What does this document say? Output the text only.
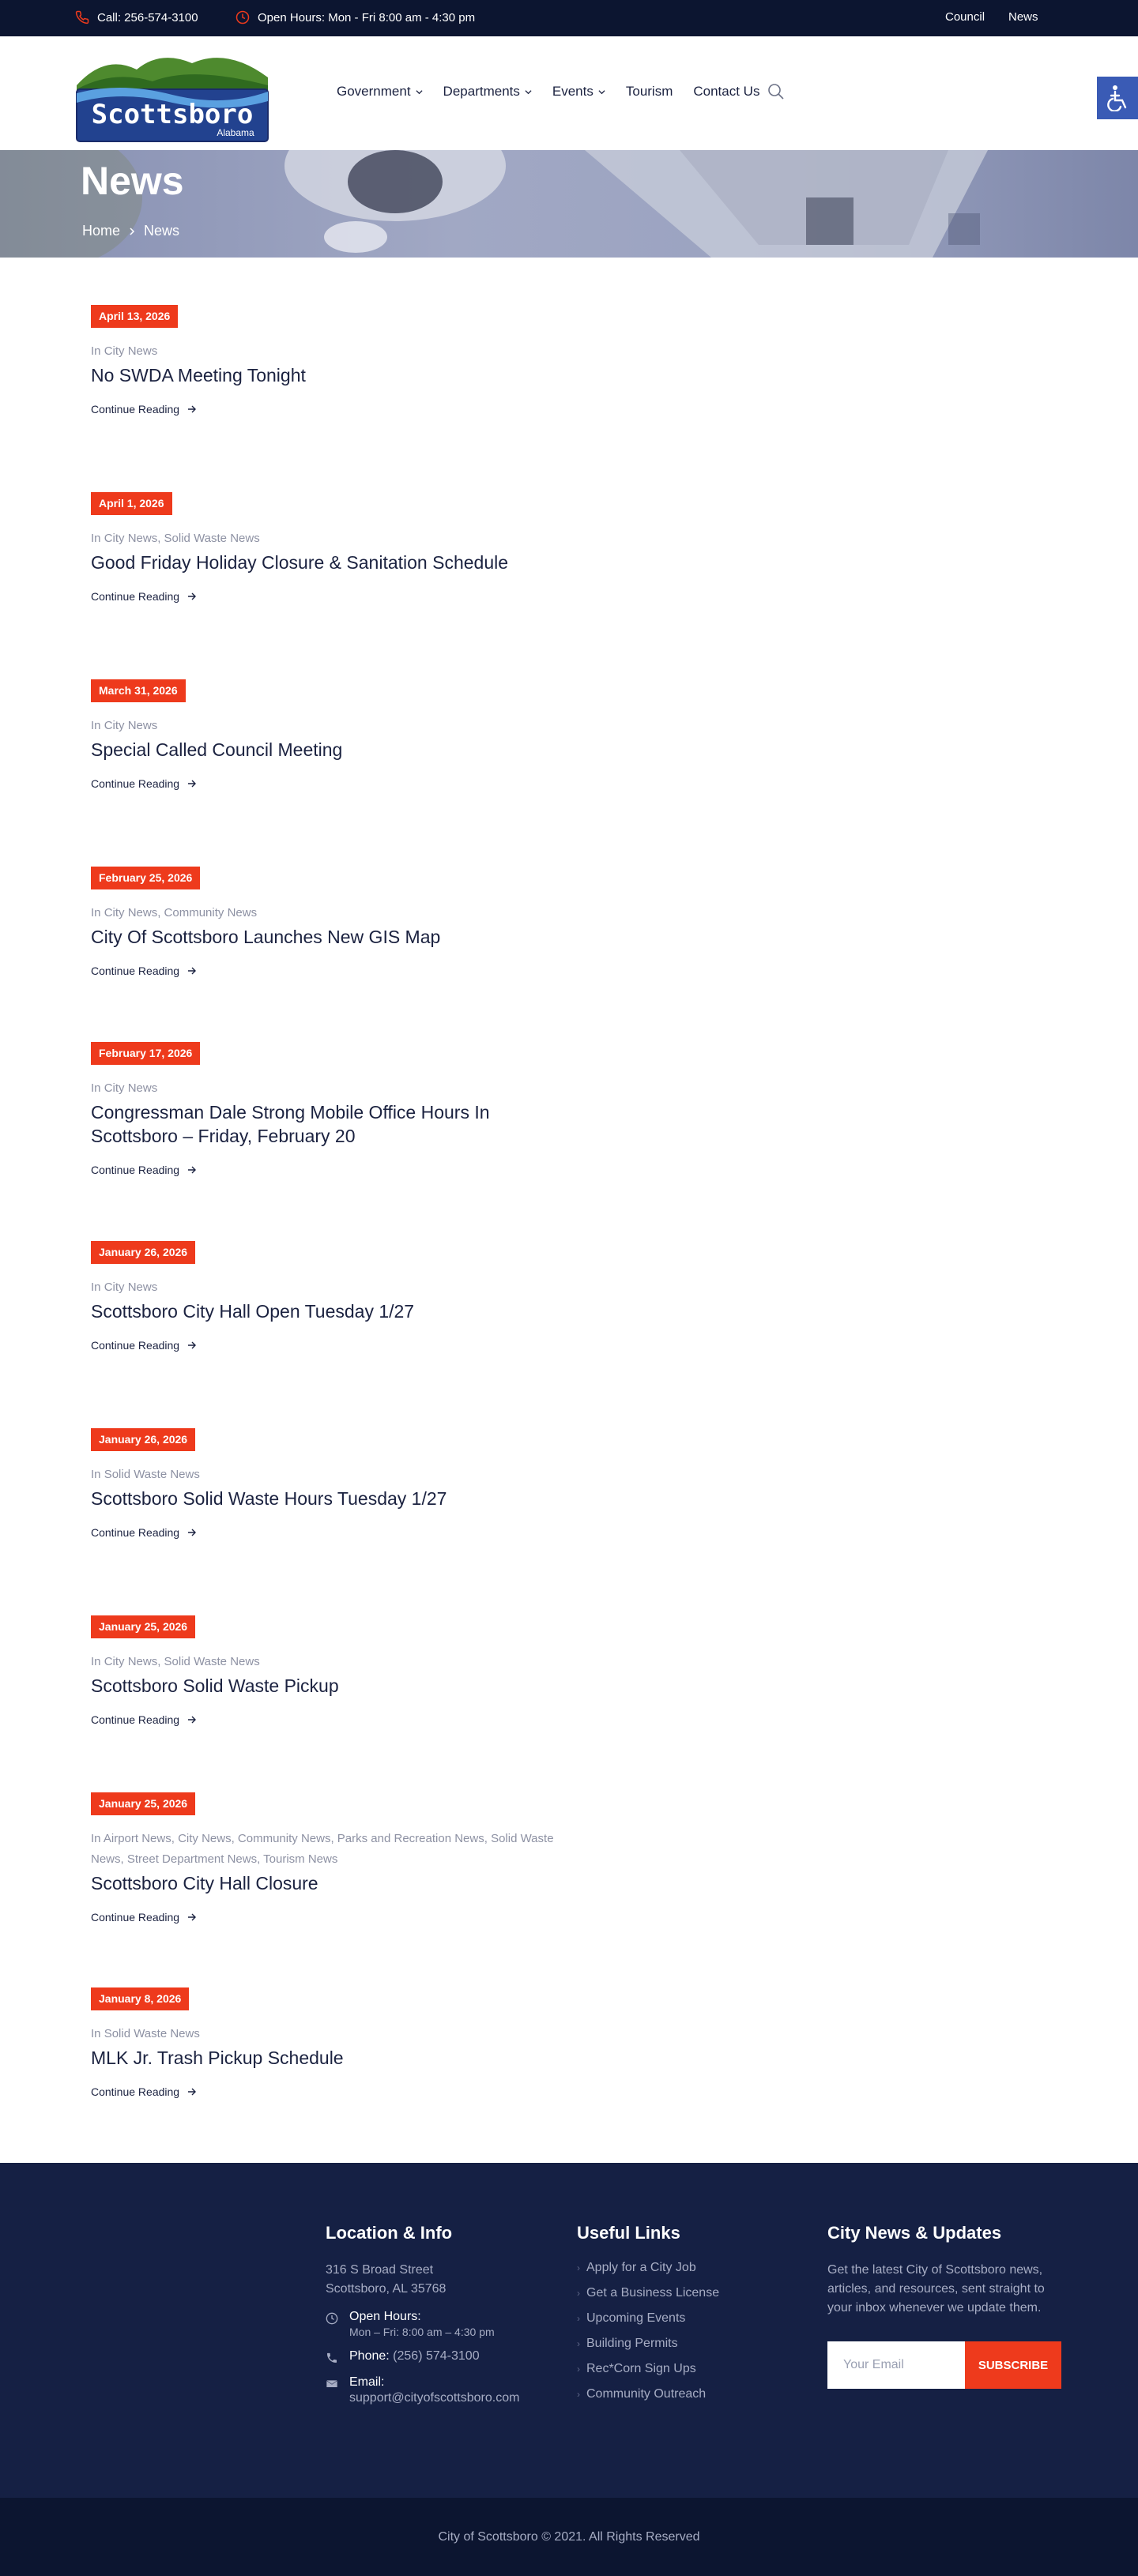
Call: 256-574-3100	Open Hours: Mon - Fri 8:00 am - 4:30 pm	Council News
Scottsboro
Alabama
Government Departments Events Tourism Contact Us
News
Home News
April 13, 2026
In City News
No SWDA Meeting Tonight
Continue Reading
April 1, 2026
In City News, Solid Waste News
Good Friday Holiday Closure & Sanitation Schedule
Continue Reading
March 31, 2026
In City News
Special Called Council Meeting
Continue Reading
February 25, 2026
In City News, Community News
City Of Scottsboro Launches New GIS Map
Continue Reading
February 17, 2026
In City News
Congressman Dale Strong Mobile Office Hours In Scottsboro – Friday, February 20
Continue Reading
January 26, 2026
In City News
Scottsboro City Hall Open Tuesday 1/27
Continue Reading
January 26, 2026
In Solid Waste News
Scottsboro Solid Waste Hours Tuesday 1/27
Continue Reading
January 25, 2026
In City News, Solid Waste News
Scottsboro Solid Waste Pickup
Continue Reading
January 25, 2026
In Airport News, City News, Community News, Parks and Recreation News, Solid Waste News, Street Department News, Tourism News
Scottsboro City Hall Closure
Continue Reading
January 8, 2026
In Solid Waste News
MLK Jr. Trash Pickup Schedule
Continue Reading
Location & Info
316 S Broad Street
Scottsboro, AL 35768
Open Hours:
Mon – Fri: 8:00 am – 4:30 pm
Phone: (256) 574-3100
Email:
support@cityofscottsboro.com
Useful Links
› Apply for a City Job
› Get a Business License
› Upcoming Events
› Building Permits
› Rec*Corn Sign Ups
› Community Outreach
City News & Updates

Get the latest City of Scottsboro news, articles, and resources, sent straight to your inbox whenever we update them.

Your Email
SUBSCRIBE
City of Scottsboro © 2021. All Rights Reserved
